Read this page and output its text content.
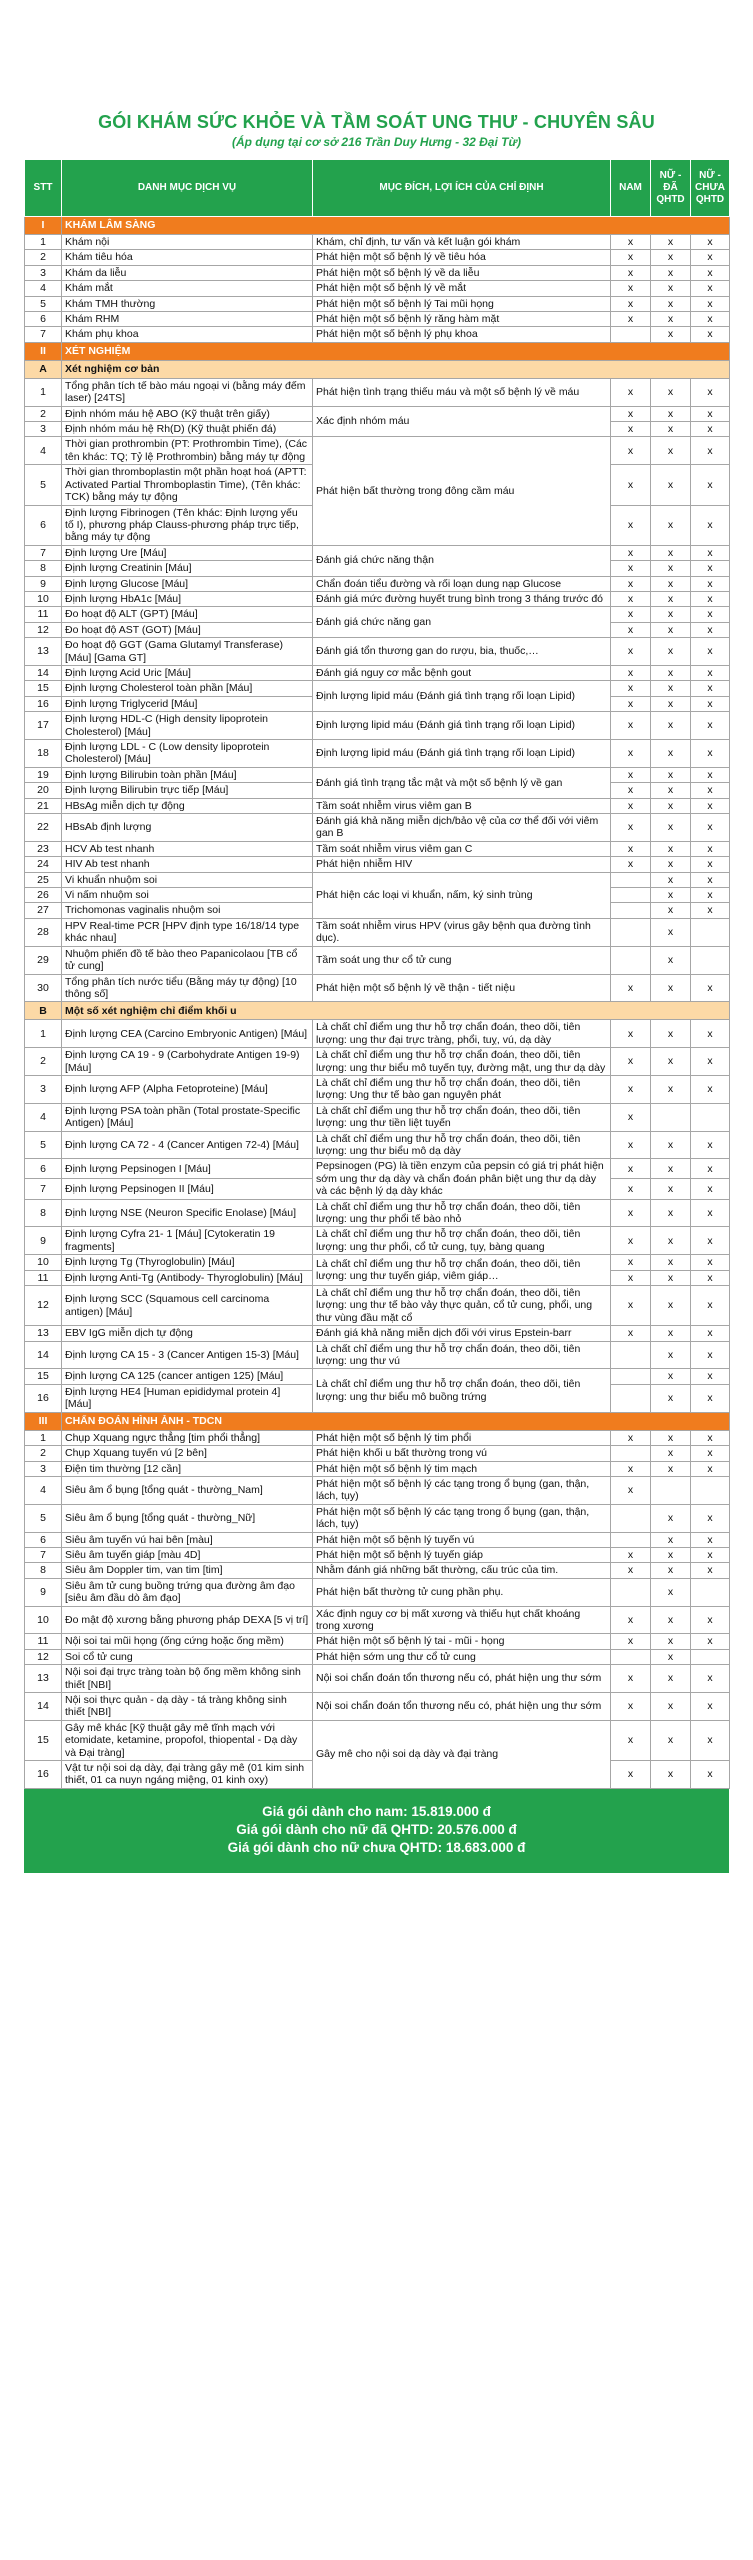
GÓI KHÁM SỨC KHỎE VÀ TẦM SOÁT UNG THƯ - CHUYÊN SÂU
(Áp dụng tại cơ sở 216 Trần Duy Hưng - 32 Đại Từ)
STT	DANH MỤC DỊCH VỤ	MỤC ĐÍCH, LỢI ÍCH CỦA CHỈ ĐỊNH	NAM	NỮ - ĐÃ QHTD	NỮ - CHƯA QHTD
I	KHÁM LÂM SÀNG				
1	Khám nội	Khám, chỉ định, tư vấn và kết luận gói khám	x	x	x
2	Khám tiêu hóa	Phát hiện một số bệnh lý về tiêu hóa	x	x	x
3	Khám da liễu	Phát hiện một số bệnh lý về da liễu	x	x	x
4	Khám mắt	Phát hiện một số bệnh lý về mắt	x	x	x
5	Khám TMH thường	Phát hiện một số bệnh lý Tai mũi họng	x	x	x
6	Khám RHM	Phát hiện một số bệnh lý răng hàm mặt	x	x	x
7	Khám phụ khoa	Phát hiện một số bệnh lý phụ khoa		x	x
II	XÉT NGHIỆM				
A	Xét nghiệm cơ bản				
1	Tổng phân tích tế bào máu ngoại vi (bằng máy đếm laser) [24TS]	Phát hiện tình trạng thiếu máu và một số bệnh lý về máu	x	x	x
2	Định nhóm máu hệ ABO (Kỹ thuật trên giấy)	Xác định nhóm máu	x	x	x
3	Định nhóm máu hệ Rh(D) (Kỹ thuật phiến đá)		x	x	x
4	Thời gian prothrombin (PT: Prothrombin Time), (Các tên khác: TQ; Tỷ lệ Prothrombin) bằng máy tự động	Phát hiện bất thường trong đông cầm máu	x	x	x
5	Thời gian thromboplastin một phần hoạt hoá (APTT: Activated Partial Thromboplastin Time), (Tên khác: TCK) bằng máy tự động		x	x	x
6	Định lượng Fibrinogen (Tên khác: Định lượng yếu tố I), phương pháp Clauss-phương pháp trực tiếp, bằng máy tự động		x	x	x
7	Định lượng Ure [Máu]	Đánh giá chức năng thận	x	x	x
8	Định lượng Creatinin [Máu]		x	x	x
9	Định lượng Glucose [Máu]	Chẩn đoán tiểu đường và rối loạn dung nạp Glucose	x	x	x
10	Định lượng HbA1c [Máu]	Đánh giá mức đường huyết trung bình trong 3 tháng trước đó	x	x	x
11	Đo hoạt độ ALT (GPT) [Máu]	Đánh giá chức năng gan	x	x	x
12	Đo hoạt độ AST (GOT) [Máu]		x	x	x
13	Đo hoạt độ GGT (Gama Glutamyl Transferase) [Máu] [Gama GT]	Đánh giá tổn thương gan do rượu, bia, thuốc,…	x	x	x
14	Định lượng Acid Uric [Máu]	Đánh giá nguy cơ mắc bệnh gout	x	x	x
15	Định lượng Cholesterol toàn phần [Máu]	Định lượng lipid máu (Đánh giá tình trạng rối loạn Lipid)	x	x	x
16	Định lượng Triglycerid [Máu]		x	x	x
17	Định lượng HDL-C (High density lipoprotein Cholesterol) [Máu]	Định lượng lipid máu (Đánh giá tình trạng rối loạn Lipid)	x	x	x
18	Định lượng LDL - C (Low density lipoprotein Cholesterol) [Máu]	Định lượng lipid máu (Đánh giá tình trạng rối loạn Lipid)	x	x	x
19	Định lượng Bilirubin toàn phần [Máu]	Đánh giá tình trạng tắc mật và một số bệnh lý về gan	x	x	x
20	Định lượng Bilirubin trực tiếp [Máu]		x	x	x
21	HBsAg miễn dịch tự động	Tầm soát nhiễm virus viêm gan B	x	x	x
22	HBsAb định lượng	Đánh giá khả năng miễn dịch/bảo vệ của cơ thể đối với viêm gan B	x	x	x
23	HCV Ab test nhanh	Tầm soát nhiễm virus viêm gan C	x	x	x
24	HIV Ab test nhanh	Phát hiện nhiễm HIV	x	x	x
25	Vi khuẩn nhuộm soi	Phát hiện các loại vi khuẩn, nấm, ký sinh trùng		x	x
26	Vi nấm nhuộm soi			x	x
27	Trichomonas vaginalis nhuộm soi			x	x
28	HPV Real-time PCR [HPV định type 16/18/14 type khác nhau]	Tầm soát nhiễm virus HPV (virus gây bệnh qua đường tình dục).		x	
29	Nhuộm phiến đồ tế bào theo Papanicolaou [TB cổ tử cung]	Tầm soát ung thư cổ tử cung		x	
30	Tổng phân tích nước tiểu (Bằng máy tự động) [10 thông số]	Phát hiện một số bệnh lý về thận - tiết niệu	x	x	x
B	Một số xét nghiệm chỉ điểm khối u				
1	Định lượng CEA (Carcino Embryonic Antigen) [Máu]	Là chất chỉ điểm ung thư hỗ trợ chẩn đoán, theo dõi, tiên lượng: ung thư đại trực tràng, phổi, tuỵ, vú, dạ dày	x	x	x
2	Định lượng CA 19 - 9 (Carbohydrate Antigen 19-9) [Máu]	Là chất chỉ điểm ung thư hỗ trợ chẩn đoán, theo dõi, tiên lượng: ung thư biểu mô tuyến tụy, đường mật, ung thư dạ dày	x	x	x
3	Định lượng AFP (Alpha Fetoproteine) [Máu]	Là chất chỉ điểm ung thư hỗ trợ chẩn đoán, theo dõi, tiên lượng: Ung thư tế bào gan nguyên phát	x	x	x
4	Định lượng PSA toàn phần (Total prostate-Specific Antigen) [Máu]	Là chất chỉ điểm ung thư hỗ trợ chẩn đoán, theo dõi, tiên lượng: ung thư tiền liệt tuyến	x		
5	Định lượng CA 72 - 4 (Cancer Antigen 72-4) [Máu]	Là chất chỉ điểm ung thư hỗ trợ chẩn đoán, theo dõi, tiên lượng: ung thư biểu mô dạ dày	x	x	x
6	Định lượng Pepsinogen I [Máu]	Pepsinogen (PG) là tiền enzym của pepsin có giá trị phát hiện sớm ung thư dạ dày và chẩn đoán phân biệt ung thư dạ dày và các bệnh lý dạ dày khác	x	x	x
7	Định lượng Pepsinogen II [Máu]		x	x	x
8	Định lượng NSE (Neuron Specific Enolase) [Máu]	Là chất chỉ điểm ung thư hỗ trợ chẩn đoán, theo dõi, tiên lượng: ung thư phổi tế bào nhỏ	x	x	x
9	Định lượng Cyfra 21- 1 [Máu] [Cytokeratin 19 fragments]	Là chất chỉ điểm ung thư hỗ trợ chẩn đoán, theo dõi, tiên lượng: ung thư phổi, cổ tử cung, tụy, bàng quang	x	x	x
10	Định lượng Tg (Thyroglobulin) [Máu]	Là chất chỉ điểm ung thư hỗ trợ chẩn đoán, theo dõi, tiên lượng: ung thư tuyến giáp, viêm giáp…	x	x	x
11	Định lượng Anti-Tg (Antibody- Thyroglobulin) [Máu]		x	x	x
12	Định lượng SCC (Squamous cell carcinoma antigen) [Máu]	Là chất chỉ điểm ung thư hỗ trợ chẩn đoán, theo dõi, tiên lượng: ung thư tế bào vảy thực quản, cổ tử cung, phổi, ung thư vùng đầu mặt cổ	x	x	x
13	EBV IgG miễn dịch tự động	Đánh giá khả năng miễn dịch đối với virus Epstein-barr	x	x	x
14	Định lượng CA 15 - 3 (Cancer Antigen 15-3) [Máu]	Là chất chỉ điểm ung thư hỗ trợ chẩn đoán, theo dõi, tiên lượng: ung thư vú		x	x
15	Định lượng CA 125 (cancer antigen 125) [Máu]	Là chất chỉ điểm ung thư hỗ trợ chẩn đoán, theo dõi, tiên lượng: ung thư biểu mô buồng trứng		x	x
16	Định lượng HE4 [Human epididymal protein 4] [Máu]			x	x
III	CHẨN ĐOÁN HÌNH ẢNH - TDCN				
1	Chụp Xquang ngực thẳng [tim phổi thẳng]	Phát hiện một số bệnh lý tim phổi	x	x	x
2	Chụp Xquang tuyến vú [2 bên]	Phát hiện khối u bất thường trong vú		x	x
3	Điện tim thường [12 cần]	Phát hiện một số bệnh lý tim mạch	x	x	x
4	Siêu âm ổ bụng [tổng quát - thường_Nam]	Phát hiện một số bệnh lý các tạng trong ổ bụng (gan, thận, lách, tụy)	x		
5	Siêu âm ổ bụng [tổng quát - thường_Nữ]	Phát hiện một số bệnh lý các tạng trong ổ bụng (gan, thận, lách, tụy)		x	x
6	Siêu âm tuyến vú hai bên [màu]	Phát hiện một số bệnh lý tuyến vú		x	x
7	Siêu âm tuyến giáp [màu 4D]	Phát hiện một số bệnh lý tuyến giáp	x	x	x
8	Siêu âm Doppler tim, van tim [tim]	Nhằm đánh giá những bất thường, cấu trúc của tim.	x	x	x
9	Siêu âm tử cung buồng trứng qua đường âm đạo [siêu âm đầu dò âm đạo]	Phát hiện bất thường tử cung phần phụ.		x	
10	Đo mật độ xương bằng phương pháp DEXA [5 vị trí]	Xác định nguy cơ bị mất xương và thiếu hụt chất khoáng trong xương	x	x	x
11	Nội soi tai mũi họng (ống cứng hoặc ống mềm)	Phát hiện một số bệnh lý tai - mũi - họng	x	x	x
12	Soi cổ tử cung	Phát hiện sớm ung thư cổ tử cung		x	
13	Nội soi đại trực tràng toàn bộ ống mềm không sinh thiết [NBI]	Nội soi chẩn đoán tổn thương nếu có, phát hiện ung thư sớm	x	x	x
14	Nội soi thực quản - dạ dày - tá tràng không sinh thiết [NBI]	Nội soi chẩn đoán tổn thương nếu có, phát hiện ung thư sớm	x	x	x
15	Gây mê khác [Kỹ thuật gây mê tĩnh mạch với etomidate, ketamine, propofol, thiopental - Dạ dày và Đại tràng]	Gây mê cho nội soi dạ dày và đại tràng	x	x	x
16	Vật tư nội soi dạ dày, đại tràng gây mê (01 kim sinh thiết, 01 ca nuyn ngáng miệng, 01 kinh oxy)		x	x	x
Giá gói dành cho nam: 15.819.000 đ
Giá gói dành cho nữ đã QHTD: 20.576.000 đ
Giá gói dành cho nữ chưa QHTD: 18.683.000 đ
